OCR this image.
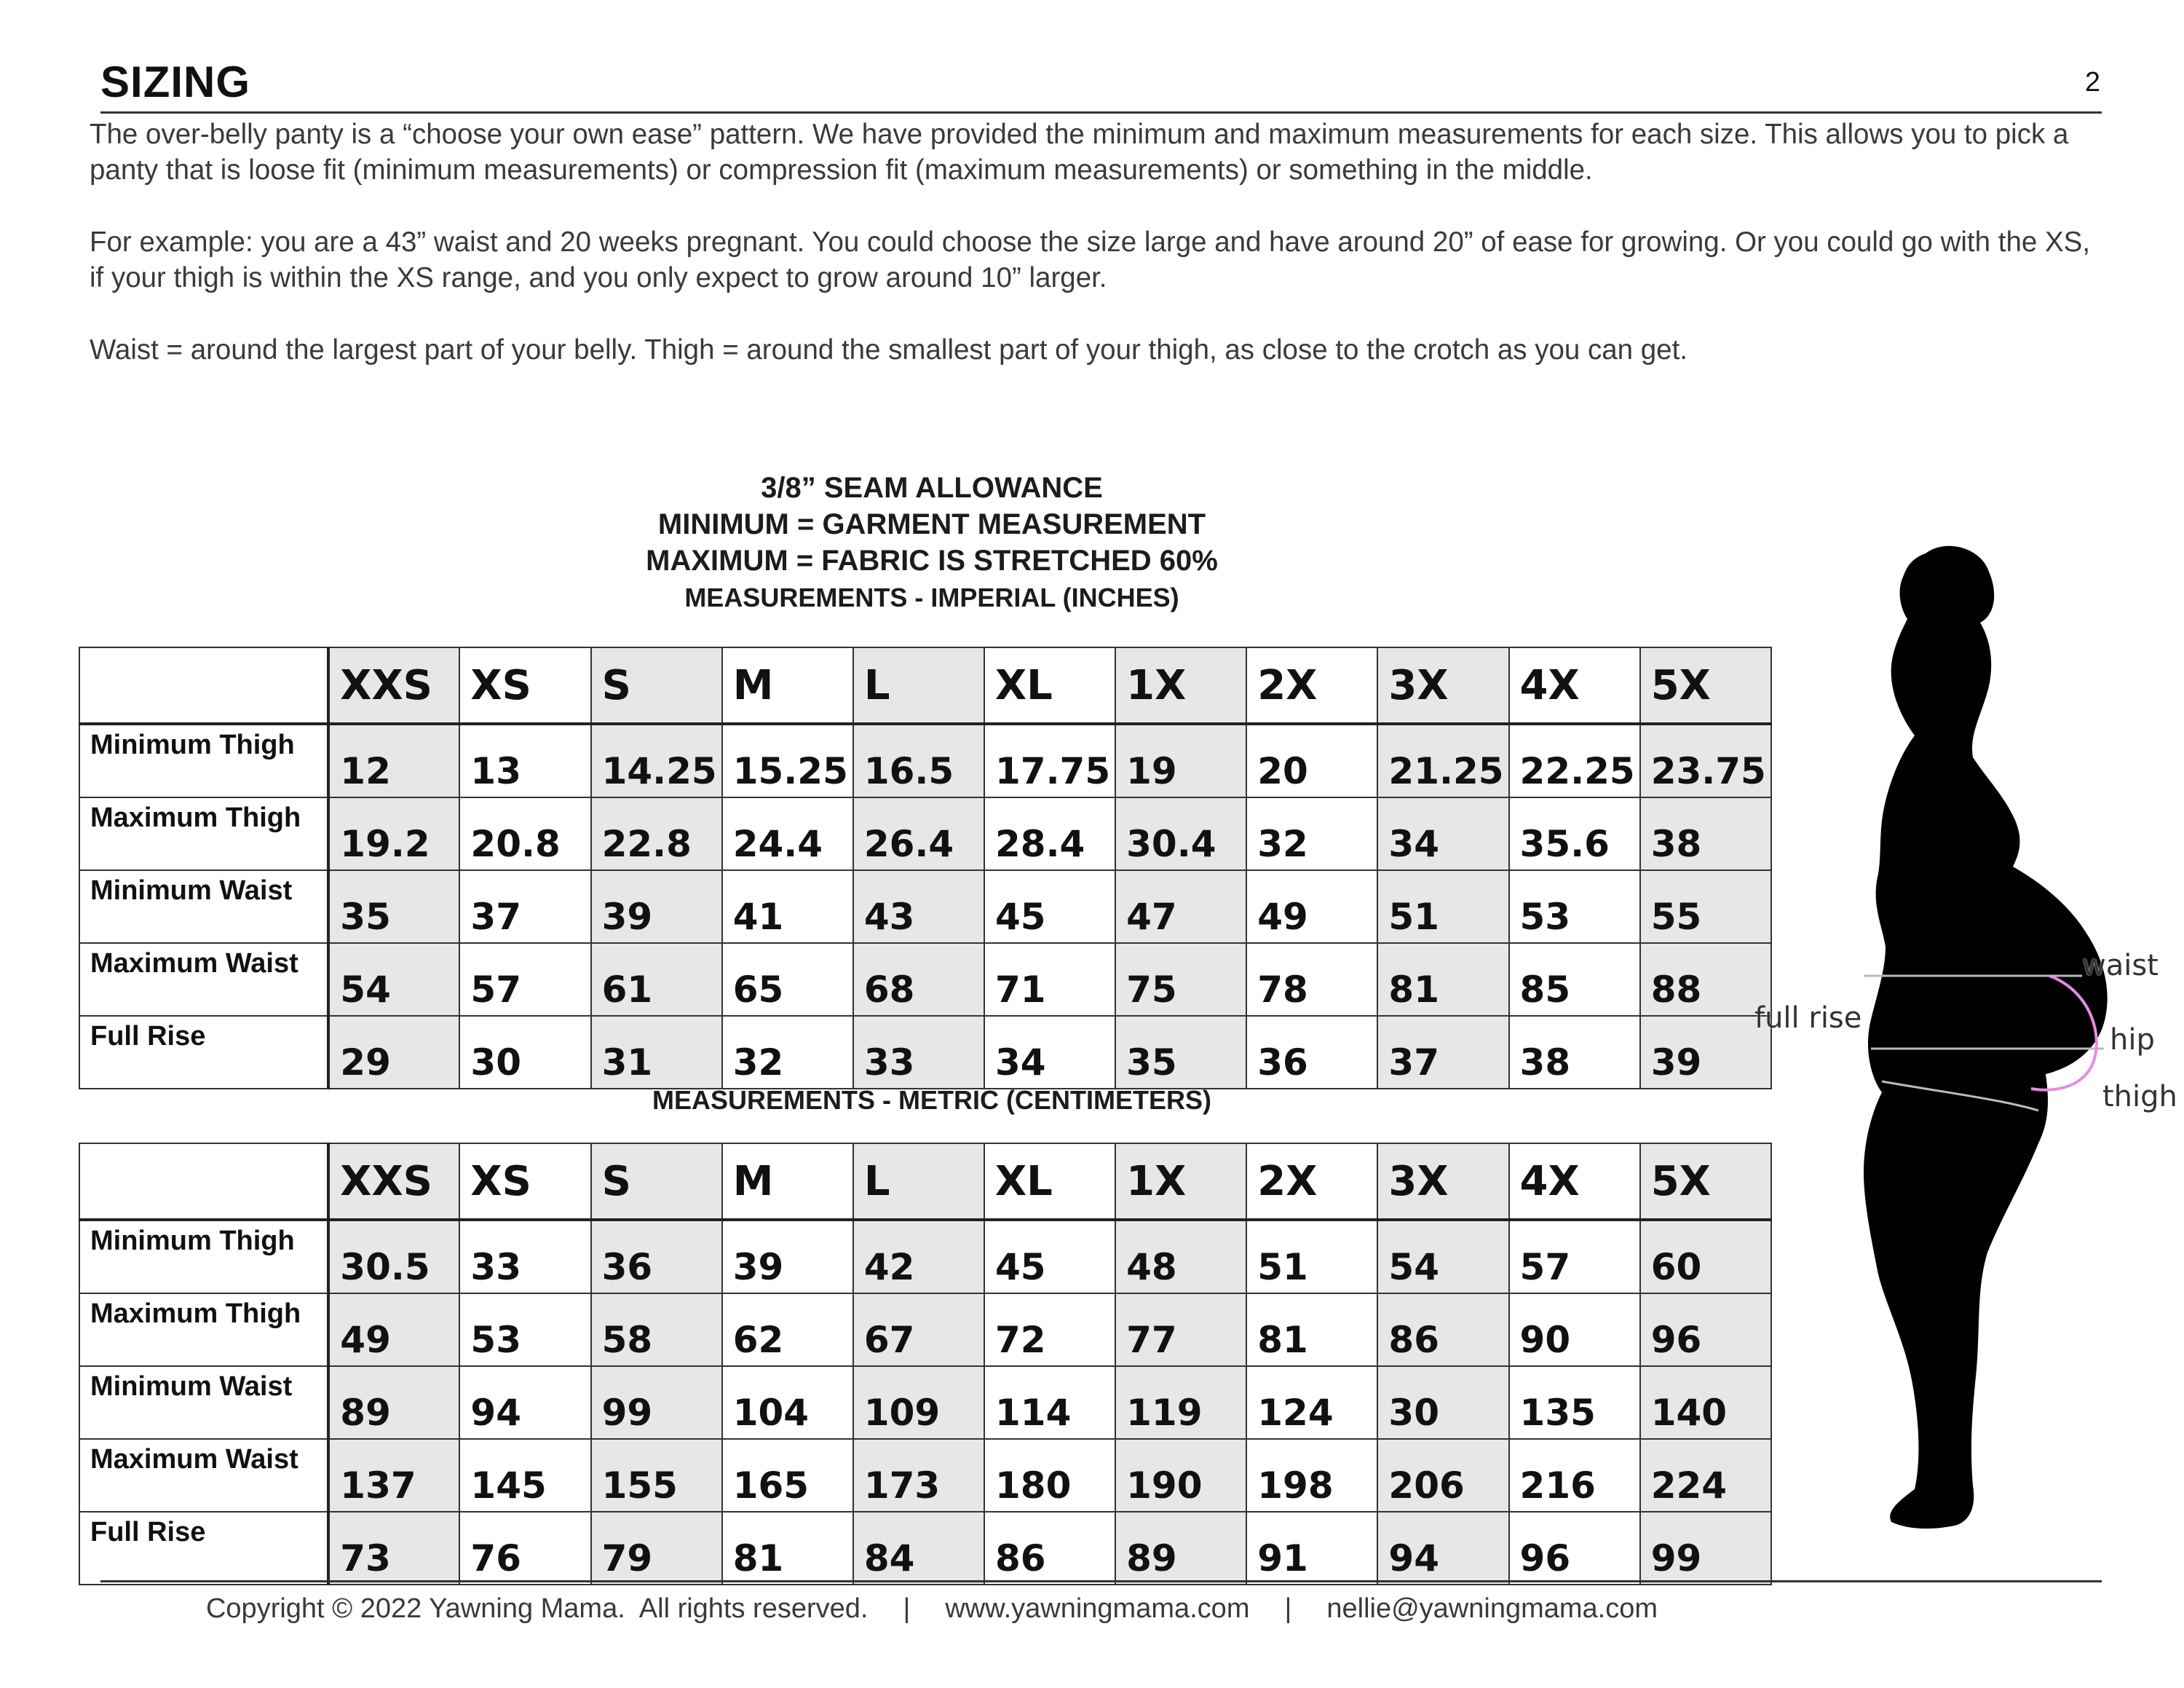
SIZING	2

The over-belly panty is a “choose your own ease” pattern. We have provided the minimum and maximum measurements for each size. This allows you to pick a panty that is loose fit (minimum measurements) or compression fit (maximum measurements) or something in the middle.

For example: you are a 43” waist and 20 weeks pregnant. You could choose the size large and have around 20” of ease for growing. Or you could go with the XS, if your thigh is within the XS range, and you only expect to grow around 10” larger.

Waist = around the largest part of your belly. Thigh = around the smallest part of your thigh, as close to the crotch as you can get.

3/8” SEAM ALLOWANCE
MINIMUM = GARMENT MEASUREMENT
MAXIMUM = FABRIC IS STRETCHED 60%
MEASUREMENTS - IMPERIAL (INCHES)
	XXS	XS	S	M	L	XL	1X	2X	3X	4X	5X
Minimum Thigh	12	13	14.25	15.25	16.5	17.75	19	20	21.25	22.25	23.75
Maximum Thigh	19.2	20.8	22.8	24.4	26.4	28.4	30.4	32	34	35.6	38
Minimum Waist	35	37	39	41	43	45	47	49	51	53	55
Maximum Waist	54	57	61	65	68	71	75	78	81	85	88
Full Rise	29	30	31	32	33	34	35	36	37	38	39
MEASUREMENTS - METRIC (CENTIMETERS)
	XXS	XS	S	M	L	XL	1X	2X	3X	4X	5X
Minimum Thigh	30.5	33	36	39	42	45	48	51	54	57	60
Maximum Thigh	49	53	58	62	67	72	77	81	86	90	96
Minimum Waist	89	94	99	104	109	114	119	124	30	135	140
Maximum Waist	137	145	155	165	173	180	190	198	206	216	224
Full Rise	73	76	79	81	84	86	89	91	94	96	99
waist
hip
thigh
full rise
Copyright © 2022 Yawning Mama.  All rights reserved. | www.yawningmama.com | nellie@yawningmama.com
